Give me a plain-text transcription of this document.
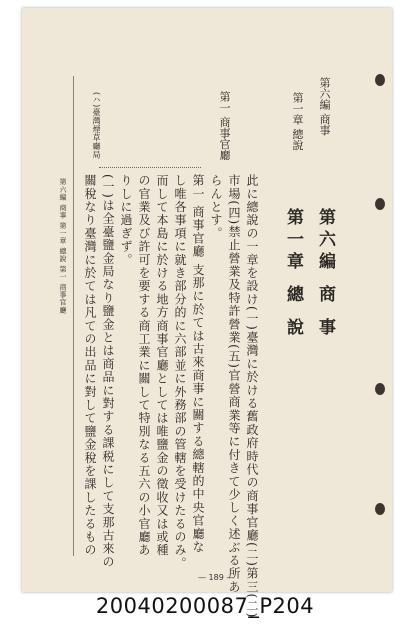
第六編 商事
第一章 總說
第一 商事官廳
(ハ)臺灣煙草廳局
第六編 商 事
第一章 總 說
此に總說の一章を設け(一)臺灣に於ける舊政府時代の商事官廳(二)第三(二)
市場(四)禁止營業及特許營業(五)官營商業等に付きて少しく述ぶる所あ
らんとす。
第一 商事官廳 支那に於ては古來商事に關する總轄的中央官廳な
し唯各事項に就き部分的に六部並に外務部の管轄を受けたるのみ。
而して本島に於ける地方商事官廳としては唯鹽金の徵收又は或種
の官業及び許可を要する商工業に關して特別なる五六の小官廳あ
りしに過ぎず。
(一)は全臺鹽金局なり鹽金とは商品に對する課税にして支那古來の
關稅なり臺灣に於ては凡ての出品に對して鹽金稅を課したるもの
第六編 商事 第一章 總說 第一 商事官廳
— 189 —
20040200087_P204
